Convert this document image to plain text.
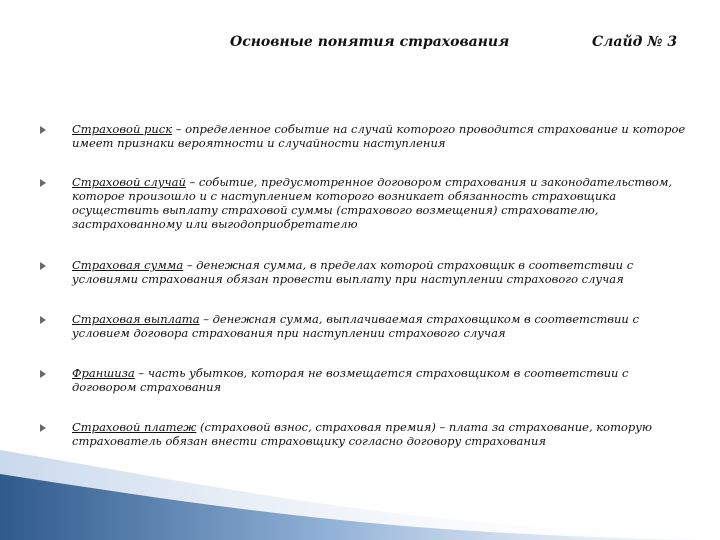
Основные понятия страхования	Слайд № 3
Страховой риск – определенное событие на случай которого проводится страхование и которое имеет признаки вероятности и случайности наступления
Страховой случай – событие, предусмотренное договором страхования и законодательством, которое произошло и с наступлением которого возникает обязанность страховщика осуществить выплату страховой суммы (страхового возмещения) страхователю, застрахованному или выгодоприобретателю
Страховая сумма – денежная сумма, в пределах которой страховщик в соответствии с условиями страхования обязан провести выплату при наступлении страхового случая
Страховая выплата – денежная сумма, выплачиваемая страховщиком в соответствии с условием договора страхования при наступлении страхового случая
Франшиза – часть убытков, которая не возмещается страховщиком в соответствии с договором страхования
Страховой платеж (страховой взнос, страховая премия) – плата за страхование, которую страхователь обязан внести страховщику согласно договору страхования
